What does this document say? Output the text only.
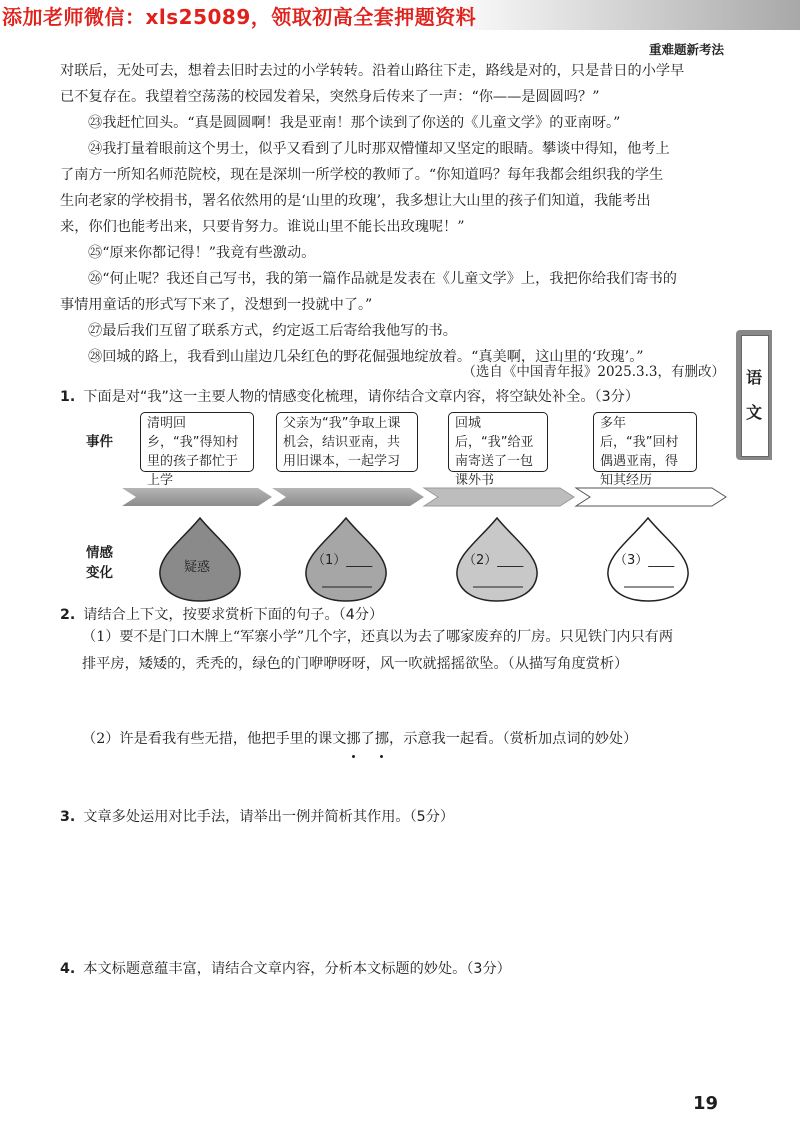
添加老师微信：xls25089，领取初高全套押题资料
重难题新考法
对联后，无处可去，想着去旧时去过的小学转转。沿着山路往下走，路线是对的，只是昔日的小学早
已不复存在。我望着空荡荡的校园发着呆，突然身后传来了一声：“你——是圆圆吗？”
㉓我赶忙回头。“真是圆圆啊！我是亚南！那个读到了你送的《儿童文学》的亚南呀。”
㉔我打量着眼前这个男士，似乎又看到了儿时那双懵懂却又坚定的眼睛。攀谈中得知，他考上
了南方一所知名师范院校，现在是深圳一所学校的教师了。“你知道吗？每年我都会组织我的学生
生向老家的学校捐书，署名依然用的是‘山里的玫瑰’，我多想让大山里的孩子们知道，我能考出
来，你们也能考出来，只要肯努力。谁说山里不能长出玫瑰呢！”
㉕“原来你都记得！”我竟有些激动。
㉖“何止呢？我还自己写书，我的第一篇作品就是发表在《儿童文学》上，我把你给我们寄书的
事情用童话的形式写下来了，没想到一投就中了。”
㉗最后我们互留了联系方式，约定返工后寄给我他写的书。
㉘回城的路上，我看到山崖边几朵红色的野花倔强地绽放着。“真美啊，这山里的‘玫瑰’。”
（选自《中国青年报》2025.3.3，有删改）	语
文
1. 下面是对“我”这一主要人物的情感变化梳理，请你结合文章内容，将空缺处补全。（3分）
事件
情感
变化
清明回乡，“我”得知村里的孩子都忙于上学
父亲为“我”争取上课机会，结识亚南，共用旧课本，一起学习
回城后，“我”给亚南寄送了一包课外书
多年后，“我”回村偶遇亚南，得知其经历
疑惑	（1）____	（2）____	（3）____
2. 请结合上下文，按要求赏析下面的句子。（4分）
（1）要不是门口木牌上“军寨小学”几个字，还真以为去了哪家废弃的厂房。只见铁门内只有两
排平房，矮矮的，秃秃的，绿色的门咿咿呀呀，风一吹就摇摇欲坠。（从描写角度赏析）
（2）许是看我有些无措，他把手里的课文挪了挪，示意我一起看。（赏析加点词的妙处）
3. 文章多处运用对比手法，请举出一例并简析其作用。（5分）
4. 本文标题意蕴丰富，请结合文章内容，分析本文标题的妙处。（3分）
19
